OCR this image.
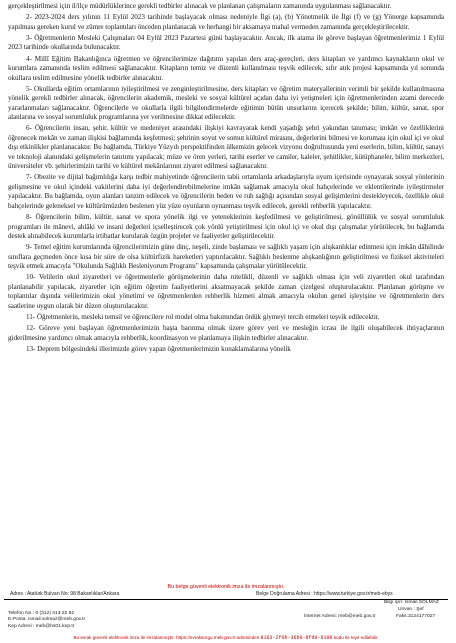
gerçekleştirilmesi için il/ilçe müdürlüklerince gerekli tedbirler alınacak ve planlanan çalışmaların zamanında uygulanması sağlanacaktır.

2- 2023-2024 ders yılının 11 Eylül 2023 tarihinde başlayacak olması nedeniyle İlgi (a), (b) Yönetmelik ile İlgi (f) ve (g) Yönerge kapsamında yapılması gereken kurul ve zümre toplantıları önceden planlanacak ve herhangi bir aksamaya mahal vermeden zamanında gerçekleştirilecektir.

3- Öğretmenlerin Mesleki Çalışmaları 04 Eylül 2023 Pazartesi günü başlayacaktır. Ancak, ilk atama ile göreve başlayan öğretmenlerimiz 1 Eylül 2023 tarihinde okullarında bulunacaktır.

4- Millî Eğitim Bakanlığınca öğretmen ve öğrencilerimize dağıtımı yapılan ders araç-gereçleri, ders kitapları ve yardımcı kaynakların okul ve kurumlara zamanında teslim edilmesi sağlanacaktır. Kitapların temiz ve düzenli kullanılması teşvik edilecek, sıfır atık projesi kapsamında yıl sonunda okullara teslim edilmesine yönelik tedbirler alınacaktır.

5- Okullarda eğitim ortamlarının iyileştirilmesi ve zenginleştirilmesine, ders kitapları ve öğretim materyallerinin verimli bir şekilde kullanılmasına yönelik gerekli tedbirler alınacak, öğrencilerin akademik, mesleki ve sosyal kültürel açıdan daha iyi yetişmeleri için öğretmenlerinden azami derecede yararlanmaları sağlanacaktır. Öğrencilerle ve okullarla ilgili bilgilendirmelerde eğitimin bütün unsurlarını içerecek şekilde; bilim, kültür, sanat, spor alanlarına ve sosyal sorumluluk programlarına yer verilmesine dikkat edilecektir.

6- Öğrencilerin insan, şehir, kültür ve medeniyet arasındaki ilişkiyi kavrayarak kendi yaşadığı şehri yakından tanıması; imkân ve özelliklerini öğrenecek mekân ve zaman ilişkisi bağlamında keşfetmesi; şehrinin soyut ve somut kültürel mirasını, değerlerini bilmesi ve koruması için okul içi ve okul dışı etkinlikler planlanacaktır. Bu bağlamda, Türkiye Yüzyılı perspektifinden ülkemizin gelecek vizyonu doğrultusunda yeni eserlerin, bilim, kültür, sanayi ve teknoloji alanındaki gelişmelerin tanıtımı yapılacak; müze ve ören yerleri, tarihi eserler ve camiler, kaleler, şehitlikler, kütüphaneler, bilim merkezleri, üniversiteler vb. şehirlerimizin tarihi ve kültürel mekânlarının ziyaret edilmesi sağlanacaktır.

7- Obezite ve dijital bağımlılığa karşı tedbir mahiyetinde öğrencilerin tabii ortamlarda arkadaşlarıyla uyum içerisinde oynayarak sosyal yönlerinin gelişmesine ve okul içindeki vakitlerini daha iyi değerlendirebilmelerine imkân sağlamak amacıyla okul bahçelerinde ve eklentilerinde iyileştirmeler yapılacaktır. Bu bağlamda, oyun alanları tanzim edilecek ve öğrencilerin beden ve ruh sağlığı açısından sosyal gelişimlerini destekleyecek, özellikle okul bahçelerinde geleneksel ve kültürümüzden beslenen yüz yüze oyunların oynanması teşvik edilecek, gerekli rehberlik yapılacaktır.

8- Öğrencilerin bilim, kültür, sanat ve spora yönelik ilgi ve yeteneklerinin keşfedilmesi ve geliştirilmesi, gönüllülük ve sosyal sorumluluk programları ile mânevi, ahlâki ve insani değerleri içselleştirecek çok yönlü yetiştirilmesi için okul içi ve okul dışı çalışmalar yürütülecek, bu bağlamda destek alınabilecek kurumlarla irtibatlar kurularak özgün projeler ve faaliyetler geliştirilecektir.

9- Temel eğitim kurumlarında öğrencilerimizin güne dinç, neşeli, zinde başlaması ve sağlıklı yaşam için alışkanlıklar edinmesi için imkân dâhilinde sınıflara geçmeden önce kısa bir süre de olsa kültürfizik hareketleri yaptırılacaktır. Sağlıklı beslenme alışkanlığının geliştirilmesi ve fiziksel aktiviteleri teşvik etmek amacıyla "Okulunda Sağlıklı Besleniyorum Programı" kapsamında çalışmalar yürütülecektir.

10- Velilerin okul ziyaretleri ve öğretmenlerle görüşmelerinin daha nitelikli, düzenli ve sağlıklı olması için veli ziyaretleri okul tarafından planlanabilir yapılacak, ziyaretler için eğitim öğretim faaliyetlerini aksatmayacak şekilde zaman çizelgesi oluşturulacaktır. Planlanan görüşme ve toplantılar dışında velilerimizin okul yönetimi ve öğretmenlerden rehberlik hizmeti almak amacıyla okulun genel işleyişine ve öğretmenlerin ders saatlerine uygun olarak bir düzen oluşturulacaktır.

11- Öğretmenlerin, mesleki temsil ve öğrencilere rol model olma bakımından önlük giymeyi tercih etmeleri teşvik edilecektir.

12- Göreve yeni başlayan öğretmenlerimizin başta barınma olmak üzere görev yeri ve mesleğin icrası ile ilgili oluşabilecek ihtiyaçlarının giderilmesine yardımcı olmak amacıyla rehberlik, koordinasyon ve planlamaya ilişkin tedbirler alınacaktır.

13- Deprem bölgesindeki illerimizde görev yapan öğretmenlerimizin konaklamalarına yönelik

Bu belge güvenli elektronik imza ile imzalanmıştır.
Adres : Atatürk Bulvarı No: 98 Bakanlıklar/Ankara	Belge Doğrulama Adresi : https://www.turkiye.gov.tr/meb-ebys
Bilgi için: İsmail SOLMAZ
Telefon No : 0 (312) 413 22 92
E-Posta: ismail.solmaz@meb.gov.tr
Kep Adresi : meb@hs01.kep.tr
Unvan : Şef
İnternet Adresi: meb@meb.gov.tr	Faks:3124177027
Bu evrak güvenli elektronik imza ile imzalanmıştır. https://evraksorgu.meb.gov.tr adresinden 8163-2f0b-36b0-8fd0-6198 kodu ile teyit edilebilir.
